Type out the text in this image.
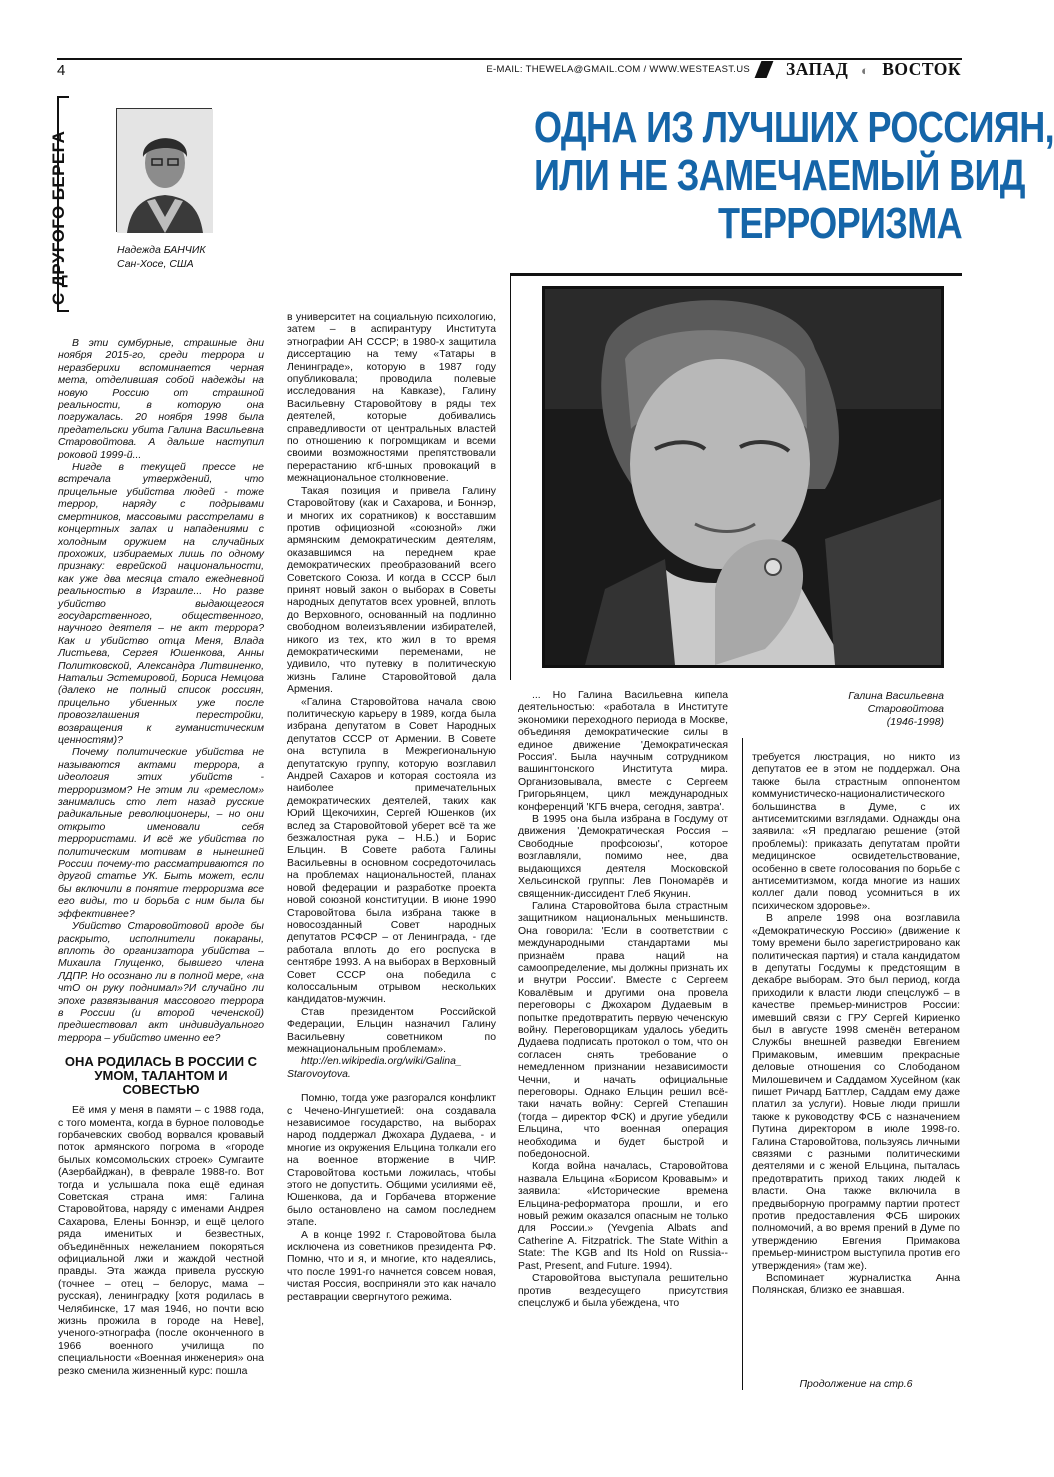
4	E-MAIL: THEWELA@GMAIL.COM / WWW.WESTEAST.US ЗАПАД ◐ ВОСТОК
С ДРУГОГО БЕРЕГА	Надежда БАНЧИК
Сан-Хосе, США
ОДНА ИЗ ЛУЧШИХ РОССИЯН,
ИЛИ НЕ ЗАМЕЧАЕМЫЙ ВИД
ТЕРРОРИЗМА

В эти сумбурные, страшные дни ноября 2015-го, среди террора и неразберихи вспоминается черная мета, отделившая собой надежды на новую Россию от страшной реальности, в которую она погружалась. 20 ноября 1998 была предательски убита Галина Васильевна Старовойтова. А дальше наступил роковой 1999-й...

Нигде в текущей прессе не встречала утверждений, что прицельные убийства людей - тоже террор, наряду с подрывами смертников, массовыми расстрелами в концертных залах и нападениями с холодным оружием на случайных прохожих, избираемых лишь по одному признаку: еврейской национальности, как уже два месяца стало ежедневной реальностью в Израиле... Но разве убийство выдающегося государственного, общественного, научного деятеля – не акт террора? Как и убийство отца Меня, Влада Листьева, Сергея Юшенкова, Анны Политковской, Александра Литвиненко, Натальи Эстемировой, Бориса Немцова (далеко не полный список россиян, прицельно убиенных уже после провозглашения перестройки, возвращения к гуманистическим ценностям)?

Почему политические убийства не называются актами террора, а идеология этих убийств - терроризмом? Не этим ли «ремеслом» занимались сто лет назад русские радикальные революционеры, – но они открыто именовали себя террористами. И всё же убийства по политическим мотивам в нынешней России почему-то рассматриваются по другой статье УК. Быть может, если бы включили в понятие терроризма все его виды, то и борьба с ним была бы эффективнее?

Убийство Старовойтовой вроде бы раскрыто, исполнители покараны, вплоть до организатора убийства – Михаила Глущенко, бывшего члена ЛДПР. Но осознано ли в полной мере, «на чтО он руку поднимал»?И случайно ли эпохе развязывания массового террора в России (и второй чеченской) предшествовал акт индивидуального террора – убийство именно ее?

ОНА РОДИЛАСЬ В РОССИИ С УМОМ, ТАЛАНТОМ И СОВЕСТЬЮ

Её имя у меня в памяти – с 1988 года, с того момента, когда в бурное половодье горбачевских свобод ворвался кровавый поток армянского погрома в «городе былых комсомольских строек» Сумгаите (Азербайджан), в феврале 1988-го. Вот тогда и услышала пока ещё единая Советская страна имя: Галина Старовойтова, наряду с именами Андрея Сахарова, Елены Боннэр, и ещё целого ряда именитых и безвестных, объединённых нежеланием покоряться официальной лжи и жаждой честной правды. Эта жажда привела русскую (точнее – отец – белорус, мама – русская), ленинградку [хотя родилась в Челябинске, 17 мая 1946, но почти всю жизнь прожила в городе на Неве], ученого-этнографа (после оконченного в 1966 военного училища по специальности «Военная инженерия» она резко сменила жизненный курс: пошла

в университет на социальную психологию, затем – в аспирантуру Института этнографии АН СССР; в 1980-х защитила диссертацию на тему «Татары в Ленинграде», которую в 1987 году опубликовала; проводила полевые исследования на Кавказе), Галину Васильевну Старовойтову в ряды тех деятелей, которые добивались справедливости от центральных властей по отношению к погромщикам и всеми своими возможностями препятствовали перерастанию кгб-шных провокаций в межнациональное столкновение.

Такая позиция и привела Галину Старовойтову (как и Сахарова, и Боннэр, и многих их соратников) к восставшим против официозной «союзной» лжи армянским демократическим деятелям, оказавшимся на переднем крае демократических преобразований всего Советского Союза. И когда в СССР был принят новый закон о выборах в Советы народных депутатов всех уровней, вплоть до Верховного, основанный на подлинно свободном волеизъявлении избирателей, никого из тех, кто жил в то время демократическими переменами, не удивило, что путевку в политическую жизнь Галине Старовойтовой дала Армения.

«Галина Старовойтова начала свою политическую карьеру в 1989, когда была избрана депутатом в Совет Народных депутатов СССР от Армении. В Совете она вступила в Межрегиональную депутатскую группу, которую возглавил Андрей Сахаров и которая состояла из наиболее примечательных демократических деятелей, таких как Юрий Щекочихин, Сергей Юшенков (их вслед за Старовойтовой уберет всё та же безжалостная рука – Н.Б.) и Борис Ельцин. В Совете работа Галины Васильевны в основном сосредоточилась на проблемах национальностей, планах новой федерации и разработке проекта новой союзной конституции. В июне 1990 Старовойтова была избрана также в новосозданный Совет народных депутатов РСФСР – от Ленинграда, - где работала вплоть до его роспуска в сентябре 1993. А на выборах в Верховный Совет СССР она победила с колоссальным отрывом нескольких кандидатов-мужчин.

Став президентом Российской Федерации, Ельцин назначил Галину Васильевну советником по межнациональным проблемам».

http://en.wikipedia.org/wiki/Galina_ Starovoytova.

Помню, тогда уже разгорался конфликт с Чечено-Ингушетией: она создавала независимое государство, на выборах народ поддержал Джохара Дудаева, - и многие из окружения Ельцина толкали его на военное вторжение в ЧИР. Старовойтова костьми ложилась, чтобы этого не допустить. Общими усилиями её, Юшенкова, да и Горбачева вторжение было остановлено на самом последнем этапе.

А в конце 1992 г. Старовойтова была исключена из советников президента РФ. Помню, что и я, и многие, кто надеялись, что после 1991-го начнется совсем новая, чистая Россия, восприняли это как начало реставрации свергнутого режима.

Галина Васильевна
Старовойтова
(1946-1998)

... Но Галина Васильевна кипела деятельностью: «работала в Институте экономики переходного периода в Москве, объединяя демократические силы в единое движение 'Демократическая Россия'. Была научным сотрудником вашингтонского Института мира. Организовывала, вместе с Сергеем Григорьянцем, цикл международных конференций 'КГБ вчера, сегодня, завтра'.

В 1995 она была избрана в Госдуму от движения 'Демократическая Россия – Свободные профсоюзы', которое возглавляли, помимо нее, два выдающихся деятеля Московской Хельсинской группы: Лев Пономарёв и священник-диссидент Глеб Якунин.

Галина Старовойтова была страстным защитником национальных меньшинств. Она говорила: 'Если в соответствии с международными стандартами мы признаём права наций на самоопределение, мы должны признать их и внутри России'. Вместе с Сергеем Ковалёвым и другими она провела переговоры с Джохаром Дудаевым в попытке предотвратить первую чеченскую войну. Переговорщикам удалось убедить Дудаева подписать протокол о том, что он согласен снять требование о немедленном признании независимости Чечни, и начать официальные переговоры. Однако Ельцин решил всё-таки начать войну: Сергей Степашин (тогда – директор ФСК) и другие убедили Ельцина, что военная операция необходима и будет быстрой и победоносной.

Когда война началась, Старовойтова назвала Ельцина «Борисом Кровавым» и заявила: «Исторические времена Ельцина-реформатора прошли, и его новый режим оказался опасным не только для России.» (Yevgenia Albats and Catherine A. Fitzpatrick. The State Within a State: The KGB and Its Hold on Russia--Past, Present, and Future. 1994).

Старовойтова выступала решительно против вездесущего присутствия спецслужб и была убеждена, что

требуется люстрация, но никто из депутатов ее в этом не поддержал. Она также была страстным оппонентом коммунистическо-националистического большинства в Думе, с их антисемитскими взглядами. Однажды она заявила: «Я предлагаю решение (этой проблемы): приказать депутатам пройти медицинское освидетельствование, особенно в свете голосования по борьбе с антисемитизмом, когда многие из наших коллег дали повод усомниться в их психическом здоровье».

В апреле 1998 она возглавила «Демократическую Россию» (движение к тому времени было зарегистрировано как политическая партия) и стала кандидатом в депутаты Госдумы к предстоящим в декабре выборам. Это был период, когда приходили к власти люди спецслужб – в качестве премьер-министров России: имевший связи с ГРУ Сергей Кириенко был в августе 1998 сменён ветераном Службы внешней разведки Евгением Примаковым, имевшим прекрасные деловые отношения со Слободаном Милошевичем и Саддамом Хусейном (как пишет Ричард Баттлер, Саддам ему даже платил за услуги). Новые люди пришли также к руководству ФСБ с назначением Путина директором в июле 1998-го. Галина Старовойтова, пользуясь личными связями с разными политическими деятелями и с женой Ельцина, пыталась предотвратить приход таких людей к власти. Она также включила в предвыборную программу партии протест против предоставления ФСБ широких полномочий, а во время прений в Думе по утверждению Евгения Примакова премьер-министром выступила против его утверждения» (там же).

Вспоминает журналистка Анна Полянская, близко ее знавшая.

Продолжение на стр.6
